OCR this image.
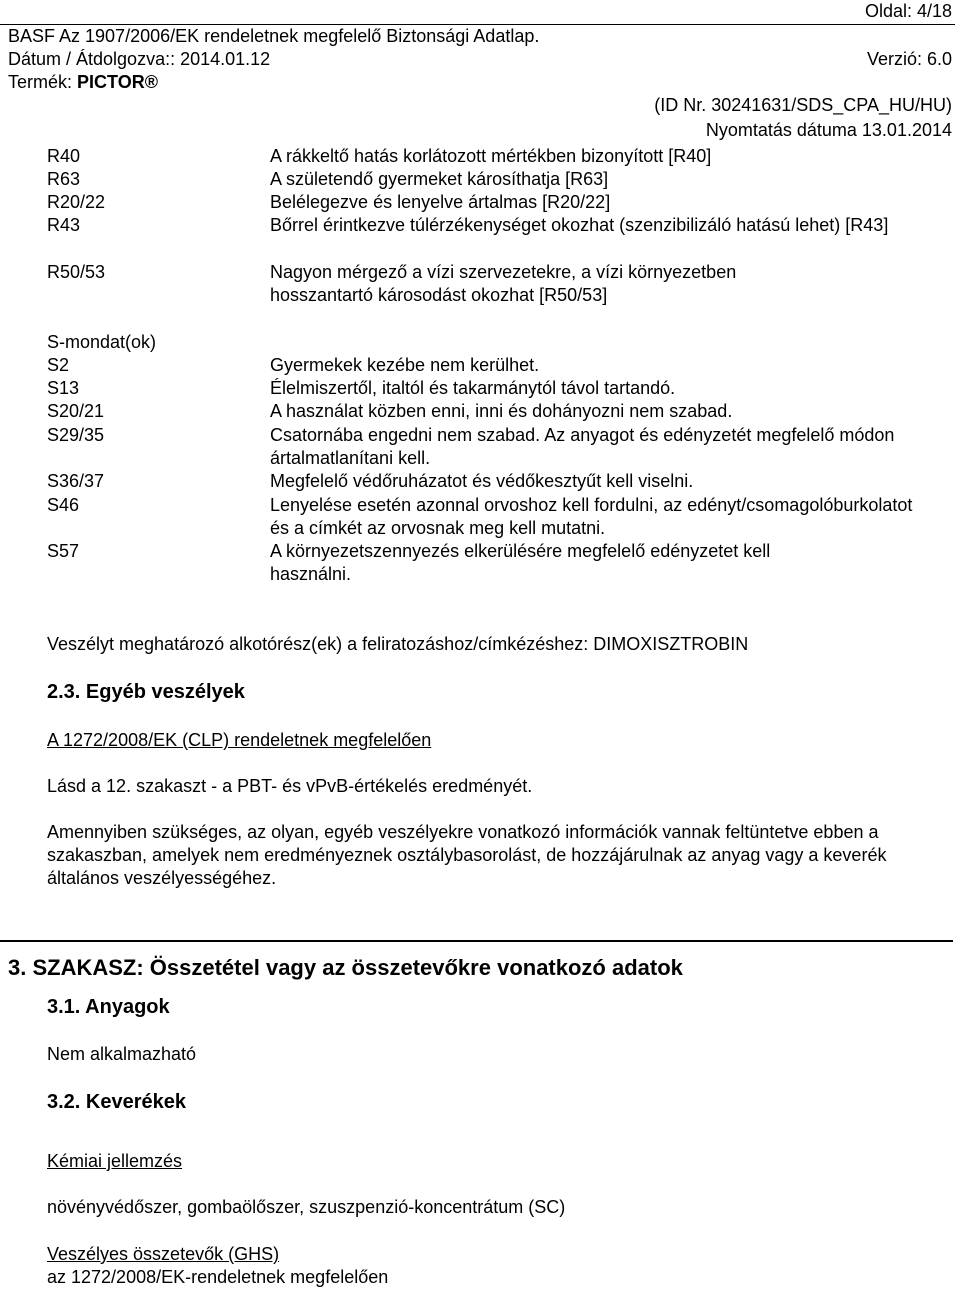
Oldal: 4/18
BASF Az 1907/2006/EK rendeletnek megfelelő Biztonsági Adatlap.
Dátum / Átdolgozva:: 2014.01.12	Verzió: 6.0
Termék: PICTOR®
(ID Nr. 30241631/SDS_CPA_HU/HU)
Nyomtatás dátuma 13.01.2014
R40	A rákkeltő hatás korlátozott mértékben bizonyított [R40]
R63	A születendő gyermeket károsíthatja [R63]
R20/22	Belélegezve és lenyelve ártalmas [R20/22]
R43	Bőrrel érintkezve túlérzékenységet okozhat (szenzibilizáló hatású lehet) [R43]
R50/53	Nagyon mérgező a vízi szervezetekre, a vízi környezetben hosszantartó károsodást okozhat [R50/53]
S-mondat(ok)
S2	Gyermekek kezébe nem kerülhet.
S13	Élelmiszertől, italtól és takarmánytól távol tartandó.
S20/21	A használat közben enni, inni és dohányozni nem szabad.
S29/35	Csatornába engedni nem szabad. Az anyagot és edényzetét megfelelő módon ártalmatlanítani kell.
S36/37	Megfelelő védőruházatot és védőkesztyűt kell viselni.
S46	Lenyelése esetén azonnal orvoshoz kell fordulni, az edényt/csomagolóburkolatot és a címkét az orvosnak meg kell mutatni.
S57	A környezetszennyezés elkerülésére megfelelő edényzetet kell használni.
Veszélyt meghatározó alkotórész(ek) a feliratozáshoz/címkézéshez: DIMOXISZTROBIN
2.3. Egyéb veszélyek
A 1272/2008/EK (CLP) rendeletnek megfelelően
Lásd a 12. szakaszt - a PBT- és vPvB-értékelés eredményét.
Amennyiben szükséges, az olyan, egyéb veszélyekre vonatkozó információk vannak feltüntetve ebben a szakaszban, amelyek nem eredményeznek osztálybasorolást, de hozzájárulnak az anyag vagy a keverék általános veszélyességéhez.
3. SZAKASZ: Összetétel vagy az összetevőkre vonatkozó adatok
3.1. Anyagok
Nem alkalmazható
3.2. Keverékek
Kémiai jellemzés
növényvédőszer, gombaölőszer, szuszpenzió-koncentrátum (SC)
Veszélyes összetevők (GHS)
az 1272/2008/EK-rendeletnek megfelelően
